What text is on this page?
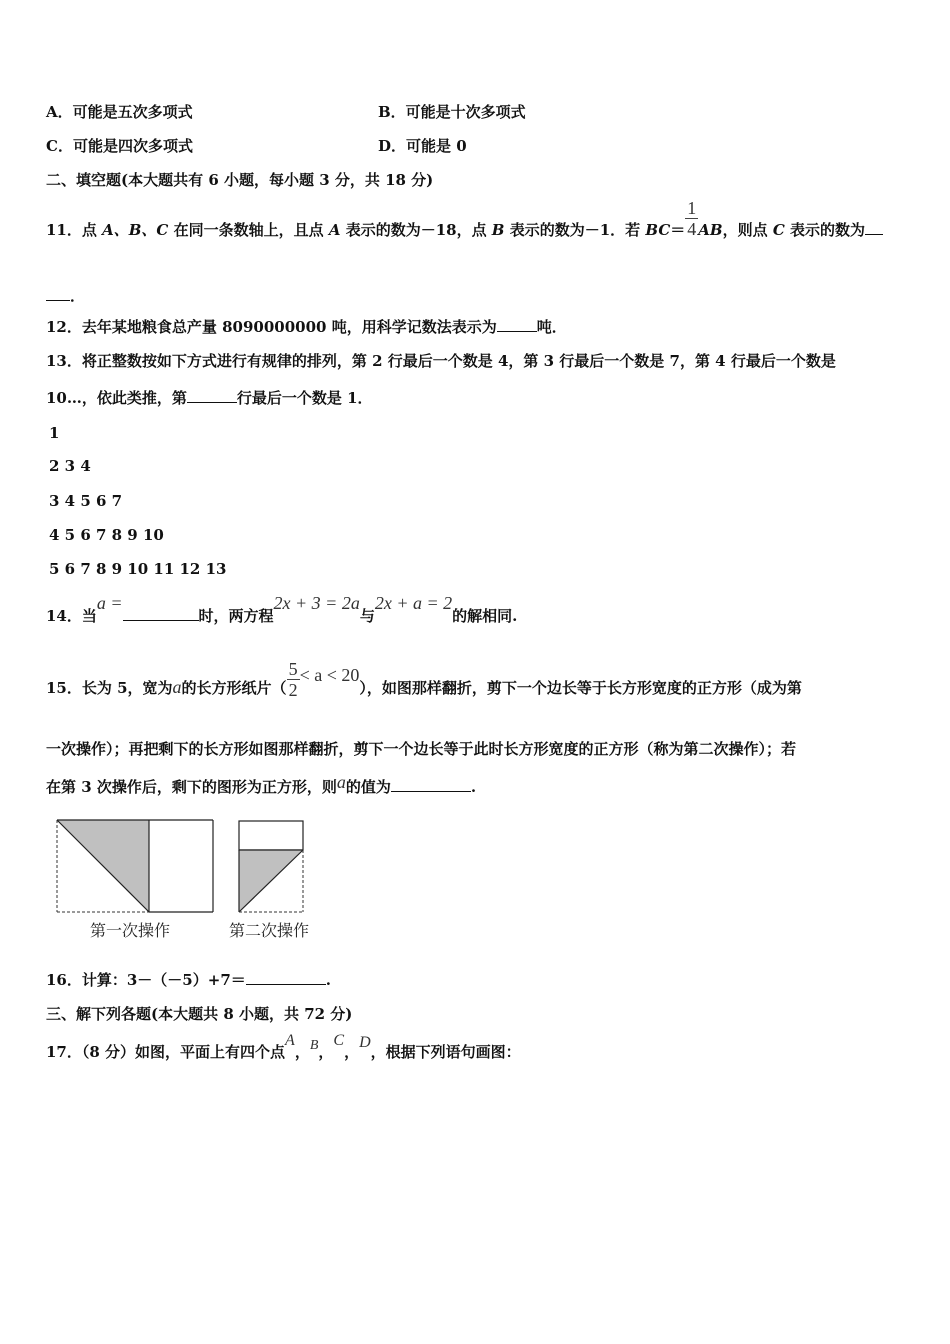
A．可能是五次多项式	B．可能是十次多项式
C．可能是四次多项式	D．可能是 0
二、填空题(本大题共有 6 小题，每小题 3 分，共 18 分)
11．点 A、B、C 在同一条数轴上，且点 A 表示的数为－18，点 B 表示的数为－1．若 $BC= \frac{1}{4}$ AB，则点 C 表示的数为
．
12．去年某地粮食总产量 8090000000 吨，用科学记数法表示为	吨．
13．将正整数按如下方式进行有规律的排列，第 2 行最后一个数是 4，第 3 行最后一个数是 7，第 4 行最后一个数是
10…，依此类推，第	行最后一个数是 1．
1
2 3 4
3 4 5 6 7
4 5 6 7 8 9 10
5 6 7 8 9 10 11 12 13
14．当a =时，两方程2x + 3 = 2a与2x + a = 2的解相同.
15．长为 5，宽为a的长方形纸片（ $\frac{5}{2} < a < 20$），如图那样翻折，剪下一个边长等于长方形宽度的正方形（成为第
一次操作）；再把剩下的长方形如图那样翻折，剪下一个边长等于此时长方形宽度的正方形（称为第二次操作）；若
在第 3 次操作后，剩下的图形为正方形，则a的值为	.
第一次操作	第二次操作
16．计算：3－（－5）+7＝	.
三、解下列各题(本大题共 8 小题，共 72 分)
17．（8 分）如图，平面上有四个点A，B，C，D，根据下列语句画图：
